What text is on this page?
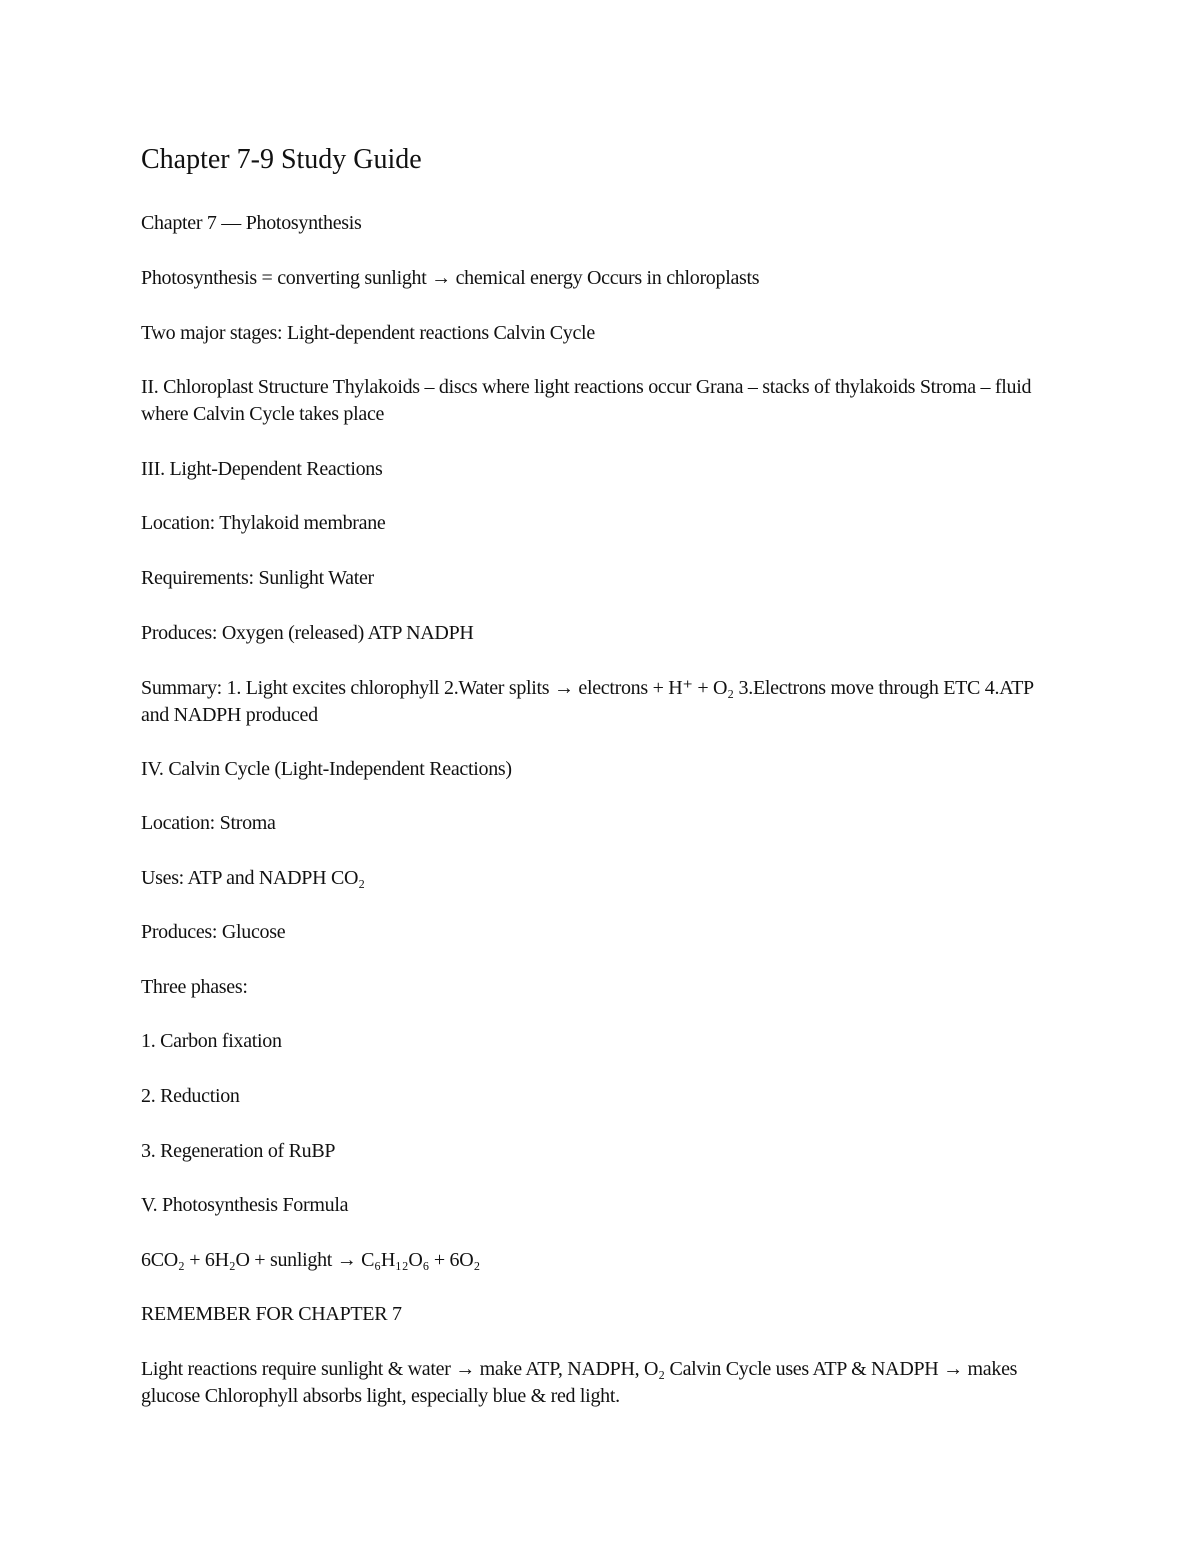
Chapter 7-9 Study Guide

Chapter 7 — Photosynthesis

Photosynthesis = converting sunlight → chemical energy Occurs in chloroplasts

Two major stages: Light-dependent reactions Calvin Cycle

II. Chloroplast Structure Thylakoids – discs where light reactions occur Grana – stacks of thylakoids Stroma – fluid where Calvin Cycle takes place

III. Light-Dependent Reactions

Location: Thylakoid membrane

Requirements: Sunlight Water

Produces: Oxygen (released) ATP NADPH

Summary: 1. Light excites chlorophyll 2.Water splits → electrons + H⁺ + O₂ 3.Electrons move through ETC 4.ATP and NADPH produced

IV. Calvin Cycle (Light-Independent Reactions)

Location: Stroma

Uses: ATP and NADPH CO₂

Produces: Glucose

Three phases:

1. Carbon fixation

2. Reduction

3. Regeneration of RuBP

V. Photosynthesis Formula

6CO₂ + 6H₂O + sunlight → C₆H₁₂O₆ + 6O₂

REMEMBER FOR CHAPTER 7

Light reactions require sunlight & water → make ATP, NADPH, O₂ Calvin Cycle uses ATP & NADPH → makes glucose Chlorophyll absorbs light, especially blue & red light.
